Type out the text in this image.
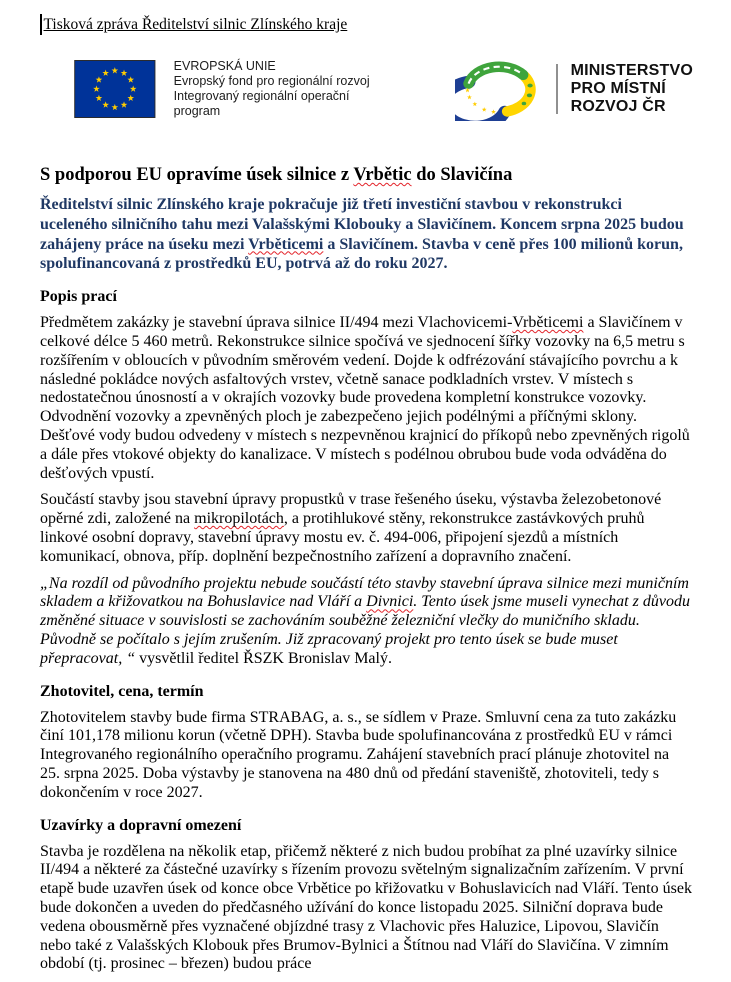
Tisková zpráva Ředitelství silnic Zlínského kraje
EVROPSKÁ UNIE
Evropský fond pro regionální rozvoj
Integrovaný regionální operační program
MINISTERSTVO
PRO MÍSTNÍ
ROZVOJ ČR
S podporou EU opravíme úsek silnice z Vrbětic do Slavičína

Ředitelství silnic Zlínského kraje pokračuje již třetí investiční stavbou v rekonstrukci uceleného silničního tahu mezi Valašskými Klobouky a Slavičínem. Koncem srpna 2025 budou zahájeny práce na úseku mezi Vrběticemi a Slavičínem. Stavba v ceně přes 100 milionů korun, spolufinancovaná z prostředků EU, potrvá až do roku 2027.

Popis prací

Předmětem zakázky je stavební úprava silnice II/494 mezi Vlachovicemi-Vrběticemi a Slavičínem v celkové délce 5 460 metrů. Rekonstrukce silnice spočívá ve sjednocení šířky vozovky na 6,5 metru s rozšířením v obloucích v původním směrovém vedení. Dojde k odfrézování stávajícího povrchu a k následné pokládce nových asfaltových vrstev, včetně sanace podkladních vrstev. V místech s nedostatečnou únosností a v okrajích vozovky bude provedena kompletní konstrukce vozovky. Odvodnění vozovky a zpevněných ploch je zabezpečeno jejich podélnými a příčnými sklony. Dešťové vody budou odvedeny v místech s nezpevněnou krajnicí do příkopů nebo zpevněných rigolů a dále přes vtokové objekty do kanalizace. V místech s podélnou obrubou bude voda odváděna do dešťových vpustí.

Součástí stavby jsou stavební úpravy propustků v trase řešeného úseku, výstavba železobetonové opěrné zdi, založené na mikropilotách, a protihlukové stěny, rekonstrukce zastávkových pruhů linkové osobní dopravy, stavební úpravy mostu ev. č. 494-006, připojení sjezdů a místních komunikací, obnova, příp. doplnění bezpečnostního zařízení a dopravního značení.

„Na rozdíl od původního projektu nebude součástí této stavby stavební úprava silnice mezi muničním skladem a křižovatkou na Bohuslavice nad Vláří a Divnici. Tento úsek jsme museli vynechat z důvodu změněné situace v souvislosti se zachováním souběžné železniční vlečky do muničního skladu. Původně se počítalo s jejím zrušením. Již zpracovaný projekt pro tento úsek se bude muset přepracovat, “ vysvětlil ředitel ŘSZK Bronislav Malý.

Zhotovitel, cena, termín

Zhotovitelem stavby bude firma STRABAG, a. s., se sídlem v Praze. Smluvní cena za tuto zakázku činí 101,178 milionu korun (včetně DPH). Stavba bude spolufinancována z prostředků EU v rámci Integrovaného regionálního operačního programu. Zahájení stavebních prací plánuje zhotovitel na 25. srpna 2025. Doba výstavby je stanovena na 480 dnů od předání staveniště, zhotoviteli, tedy s dokončením v roce 2027.

Uzavírky a dopravní omezení

Stavba je rozdělena na několik etap, přičemž některé z nich budou probíhat za plné uzavírky silnice II/494 a některé za částečné uzavírky s řízením provozu světelným signalizačním zařízením. V první etapě bude uzavřen úsek od konce obce Vrbětice po křižovatku v Bohuslavicích nad Vláří. Tento úsek bude dokončen a uveden do předčasného užívání do konce listopadu 2025. Silniční doprava bude vedena obousměrně přes vyznačené objízdné trasy z Vlachovic přes Haluzice, Lipovou, Slavičín nebo také z Valašských Klobouk přes Brumov-Bylnici a Štítnou nad Vláří do Slavičína. V zimním období (tj. prosinec – březen) budou práce
